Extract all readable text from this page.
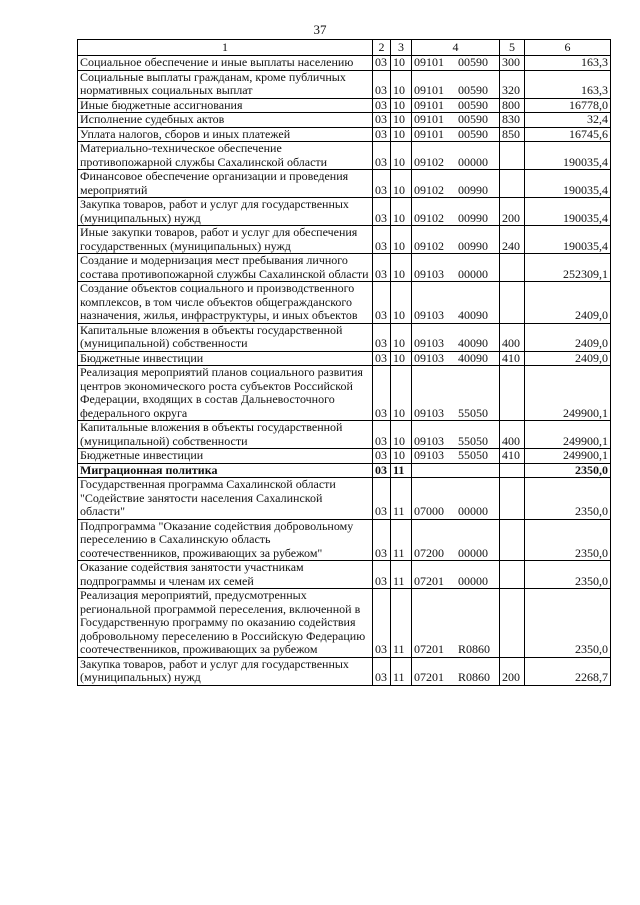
37
1	2	3	4	5	6
Социальное обеспечение и иные выплаты населению	03	10	09101 00590	300	163,3
Социальные выплаты гражданам, кроме публичных нормативных социальных выплат	03	10	09101 00590	320	163,3
Иные бюджетные ассигнования	03	10	09101 00590	800	16778,0
Исполнение судебных актов	03	10	09101 00590	830	32,4
Уплата налогов, сборов и иных платежей	03	10	09101 00590	850	16745,6
Материально-техническое обеспечение противопожарной службы Сахалинской области	03	10	09102 00000		190035,4
Финансовое обеспечение организации и проведения мероприятий	03	10	09102 00990		190035,4
Закупка товаров, работ и услуг для государственных (муниципальных) нужд	03	10	09102 00990	200	190035,4
Иные закупки товаров, работ и услуг для обеспечения государственных (муниципальных) нужд	03	10	09102 00990	240	190035,4
Создание и модернизация мест пребывания личного состава противопожарной службы Сахалинской области	03	10	09103 00000		252309,1
Создание объектов социального и производственного комплексов, в том числе объектов общегражданского назначения, жилья, инфраструктуры, и иных объектов	03	10	09103 40090		2409,0
Капитальные вложения в объекты государственной (муниципальной) собственности	03	10	09103 40090	400	2409,0
Бюджетные инвестиции	03	10	09103 40090	410	2409,0
Реализация мероприятий планов социального развития центров экономического роста субъектов Российской Федерации, входящих в состав Дальневосточного федерального округа	03	10	09103 55050		249900,1
Капитальные вложения в объекты государственной (муниципальной) собственности	03	10	09103 55050	400	249900,1
Бюджетные инвестиции	03	10	09103 55050	410	249900,1
Миграционная политика	03	11			2350,0
Государственная программа Сахалинской области "Содействие занятости населения Сахалинской области"	03	11	07000 00000		2350,0
Подпрограмма "Оказание содействия добровольному переселению в Сахалинскую область соотечественников, проживающих за рубежом"	03	11	07200 00000		2350,0
Оказание содействия занятости участникам подпрограммы и членам их семей	03	11	07201 00000		2350,0
Реализация мероприятий, предусмотренных региональной программой переселения, включенной в Государственную программу по оказанию содействия добровольному переселению в Российскую Федерацию соотечественников, проживающих за рубежом	03	11	07201 R0860		2350,0
Закупка товаров, работ и услуг для государственных (муниципальных) нужд	03	11	07201 R0860	200	2268,7
